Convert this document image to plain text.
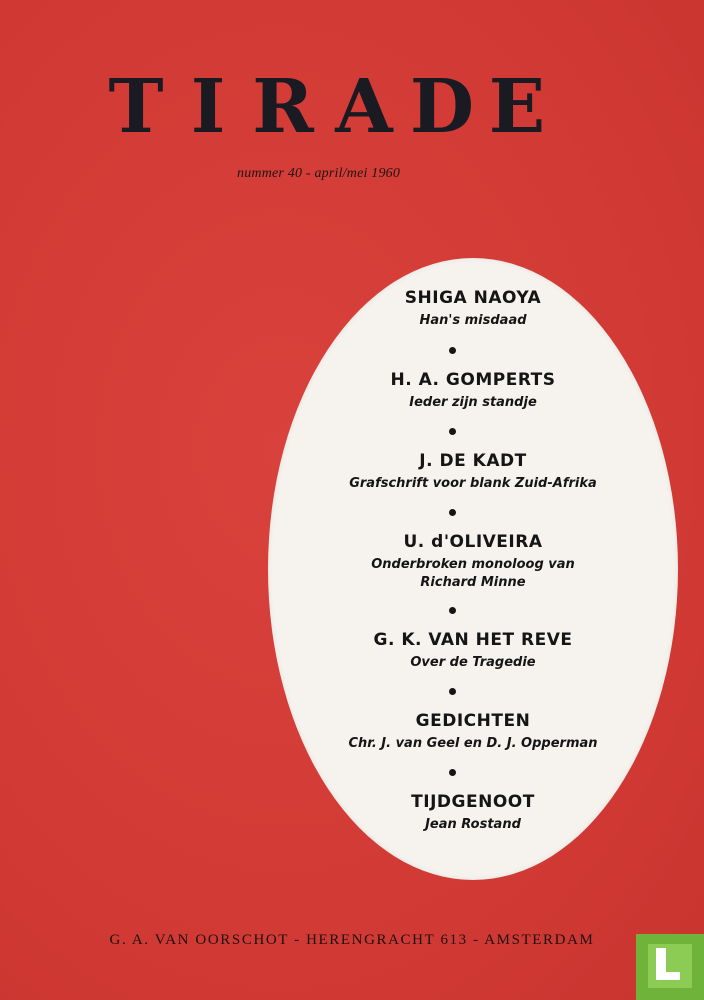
T I R A D E
nummer 40 - april/mei 1960
SHIGA NAOYA
Han's misdaad
H. A. GOMPERTS
Ieder zijn standje
J. DE KADT
Grafschrift voor blank Zuid-Afrika
U. d'OLIVEIRA
Onderbroken monoloog van
Richard Minne
G. K. VAN HET REVE
Over de Tragedie
GEDICHTEN
Chr. J. van Geel en D. J. Opperman
TIJDGENOOT
Jean Rostand
G. A. VAN OORSCHOT - HERENGRACHT 613 - AMSTERDAM
